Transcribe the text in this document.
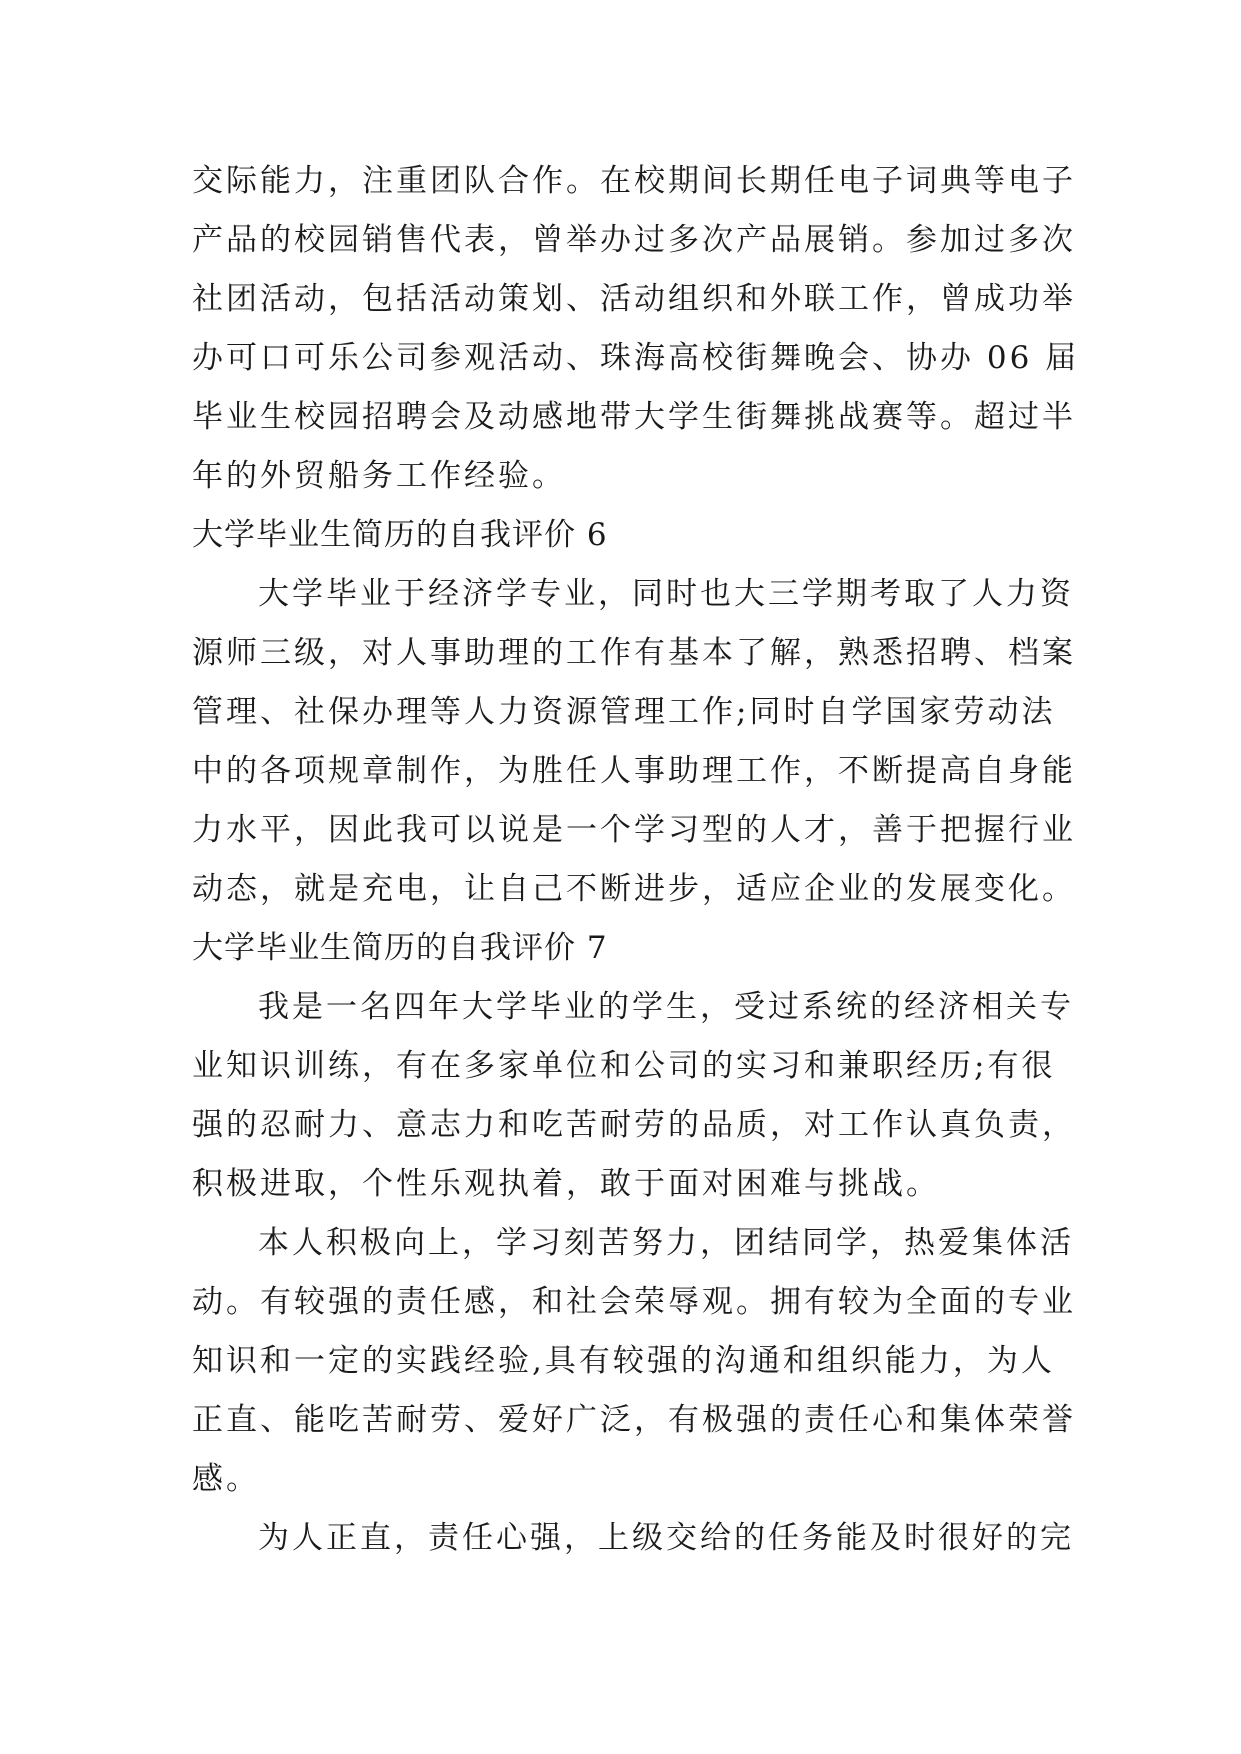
交际能力，注重团队合作。在校期间长期任电子词典等电子
产品的校园销售代表，曾举办过多次产品展销。参加过多次
社团活动，包括活动策划、活动组织和外联工作，曾成功举
办可口可乐公司参观活动、珠海高校街舞晚会、协办 06 届
毕业生校园招聘会及动感地带大学生街舞挑战赛等。超过半
年的外贸船务工作经验。
大学毕业生简历的自我评价 6
大学毕业于经济学专业，同时也大三学期考取了人力资
源师三级，对人事助理的工作有基本了解，熟悉招聘、档案
管理、社保办理等人力资源管理工作;同时自学国家劳动法
中的各项规章制作，为胜任人事助理工作，不断提高自身能
力水平，因此我可以说是一个学习型的人才，善于把握行业
动态，就是充电，让自己不断进步，适应企业的发展变化。
大学毕业生简历的自我评价 7
我是一名四年大学毕业的学生，受过系统的经济相关专
业知识训练，有在多家单位和公司的实习和兼职经历;有很
强的忍耐力、意志力和吃苦耐劳的品质，对工作认真负责，
积极进取，个性乐观执着，敢于面对困难与挑战。
本人积极向上，学习刻苦努力，团结同学，热爱集体活
动。有较强的责任感，和社会荣辱观。拥有较为全面的专业
知识和一定的实践经验,具有较强的沟通和组织能力，为人
正直、能吃苦耐劳、爱好广泛，有极强的责任心和集体荣誉
感。
为人正直，责任心强，上级交给的任务能及时很好的完
